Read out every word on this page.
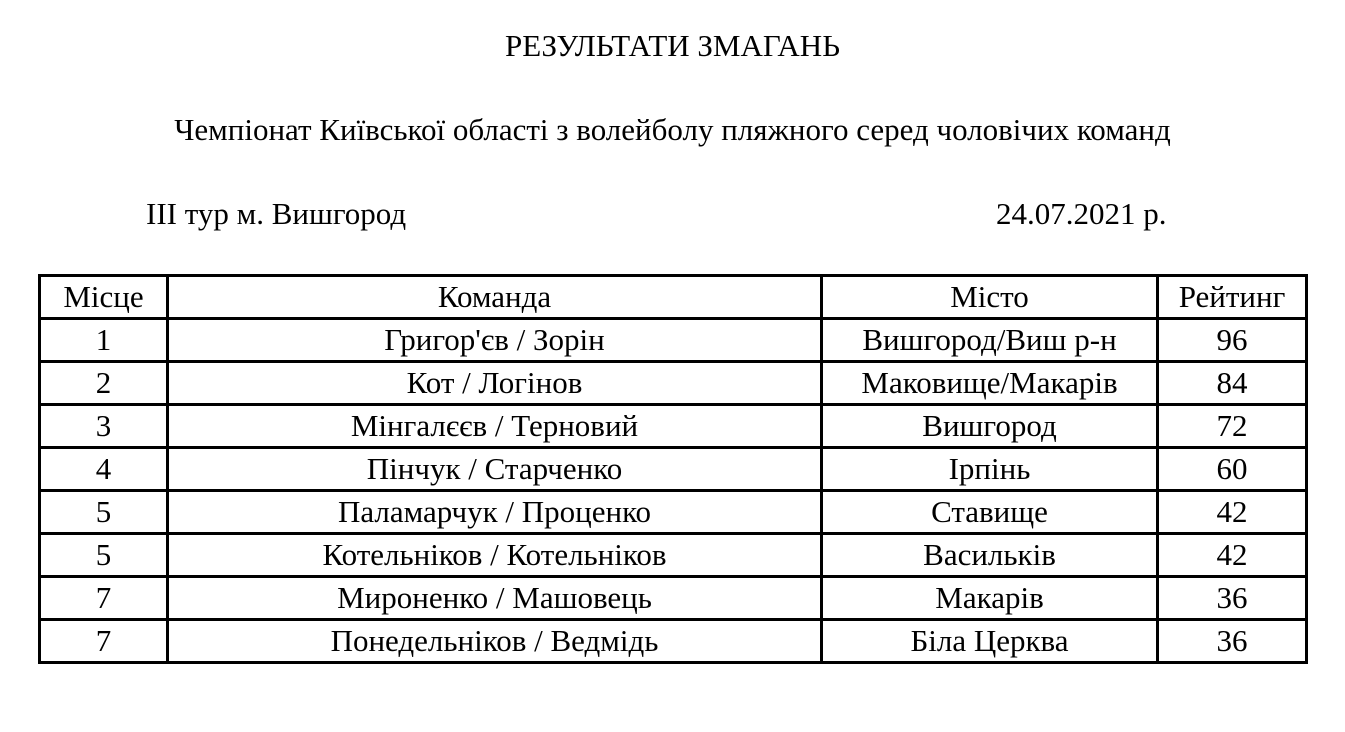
РЕЗУЛЬТАТИ ЗМАГАНЬ
Чемпіонат Київської області з волейболу пляжного серед чоловічих команд
ІІІ тур м. Вишгород	24.07.2021 р.
Місце	Команда	Місто	Рейтинг
1	Григор'єв / Зорін	Вишгород/Виш р-н	96
2	Кот / Логінов	Маковище/Макарів	84
3	Мінгалєєв / Терновий	Вишгород	72
4	Пінчук / Старченко	Ірпінь	60
5	Паламарчук / Проценко	Ставище	42
5	Котельніков / Котельніков	Васильків	42
7	Мироненко / Машовець	Макарів	36
7	Понедельніков / Ведмідь	Біла Церква	36
